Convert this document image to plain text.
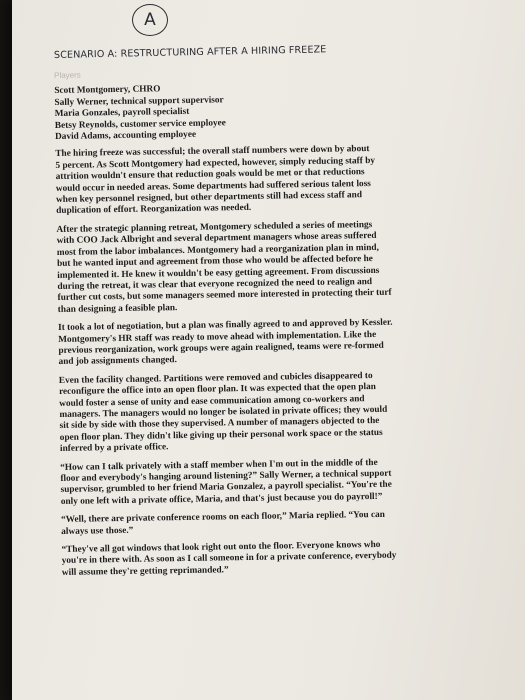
A
SCENARIO A: RESTRUCTURING AFTER A HIRING FREEZE
Players
Scott Montgomery, CHRO
Sally Werner, technical support supervisor
Maria Gonzales, payroll specialist
Betsy Reynolds, customer service employee
David Adams, accounting employee

The hiring freeze was successful; the overall staff numbers were down by about
5 percent. As Scott Montgomery had expected, however, simply reducing staff by
attrition wouldn't ensure that reduction goals would be met or that reductions
would occur in needed areas. Some departments had suffered serious talent loss
when key personnel resigned, but other departments still had excess staff and
duplication of effort. Reorganization was needed.

After the strategic planning retreat, Montgomery scheduled a series of meetings
with COO Jack Albright and several department managers whose areas suffered
most from the labor imbalances. Montgomery had a reorganization plan in mind,
but he wanted input and agreement from those who would be affected before he
implemented it. He knew it wouldn't be easy getting agreement. From discussions
during the retreat, it was clear that everyone recognized the need to realign and
further cut costs, but some managers seemed more interested in protecting their turf
than designing a feasible plan.

It took a lot of negotiation, but a plan was finally agreed to and approved by Kessler.
Montgomery's HR staff was ready to move ahead with implementation. Like the
previous reorganization, work groups were again realigned, teams were re-formed
and job assignments changed.

Even the facility changed. Partitions were removed and cubicles disappeared to
reconfigure the office into an open floor plan. It was expected that the open plan
would foster a sense of unity and ease communication among co-workers and
managers. The managers would no longer be isolated in private offices; they would
sit side by side with those they supervised. A number of managers objected to the
open floor plan. They didn't like giving up their personal work space or the status
inferred by a private office.

“How can I talk privately with a staff member when I'm out in the middle of the
floor and everybody's hanging around listening?” Sally Werner, a technical support
supervisor, grumbled to her friend Maria Gonzalez, a payroll specialist. “You're the
only one left with a private office, Maria, and that's just because you do payroll!”

“Well, there are private conference rooms on each floor,” Maria replied. “You can
always use those.”

“They've all got windows that look right out onto the floor. Everyone knows who
you're in there with. As soon as I call someone in for a private conference, everybody
will assume they're getting reprimanded.”
